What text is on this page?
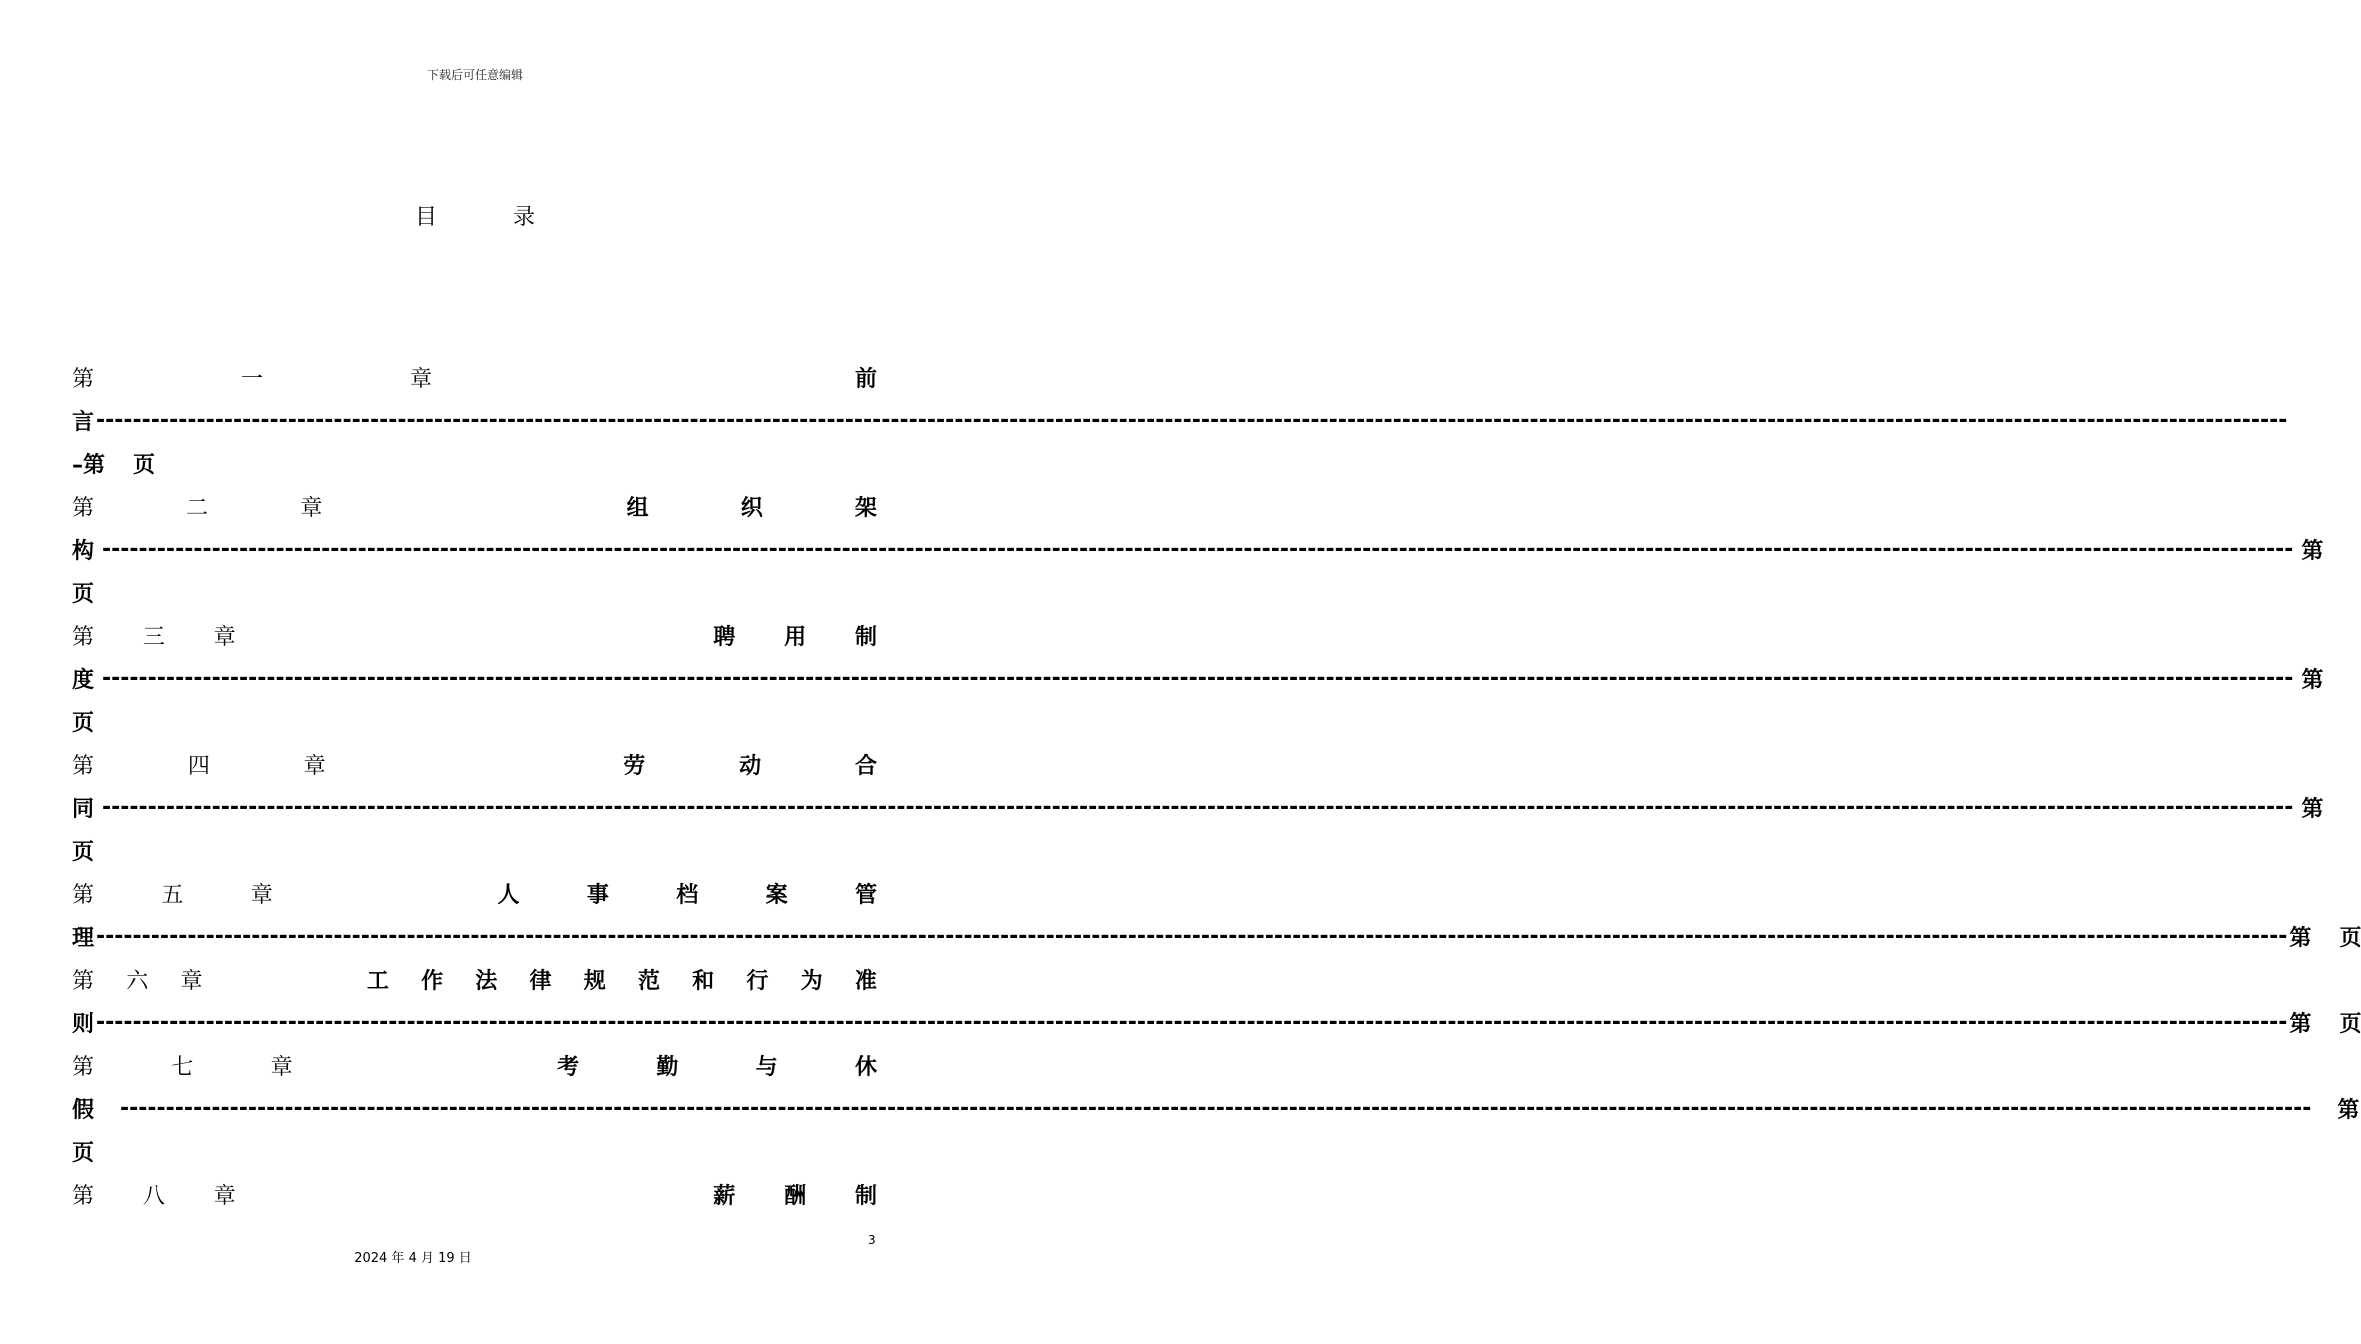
下载后可任意编辑
目	录
第	一	章	前
言 ------------------------------------------------------------------------------------------------------------------------------------------------------------------------------------------------------------------------------------------------
–第 页
第	二	章	组	织	架
构 ------------------------------------------------------------------------------------------------------------------------------------------------------------------------------------------------------------------------------------------------ 第
页
第 三 章	聘 用 制
度 ------------------------------------------------------------------------------------------------------------------------------------------------------------------------------------------------------------------------------------------------ 第
页
第	四	章	劳	动	合
同 ------------------------------------------------------------------------------------------------------------------------------------------------------------------------------------------------------------------------------------------------ 第
页
第	五	章	人	事	档	案	管
理 ------------------------------------------------------------------------------------------------------------------------------------------------------------------------------------------------------------------------------------------------ 第 页
第 六 章	工 作 法 律 规 范 和 行 为 准
则 ------------------------------------------------------------------------------------------------------------------------------------------------------------------------------------------------------------------------------------------------ 第 页
第	七	章	考	勤	与	休
假 ------------------------------------------------------------------------------------------------------------------------------------------------------------------------------------------------------------------------------------------------ 第
页
第 八 章	薪 酬 制
3
2024 年 4 月 19 日
